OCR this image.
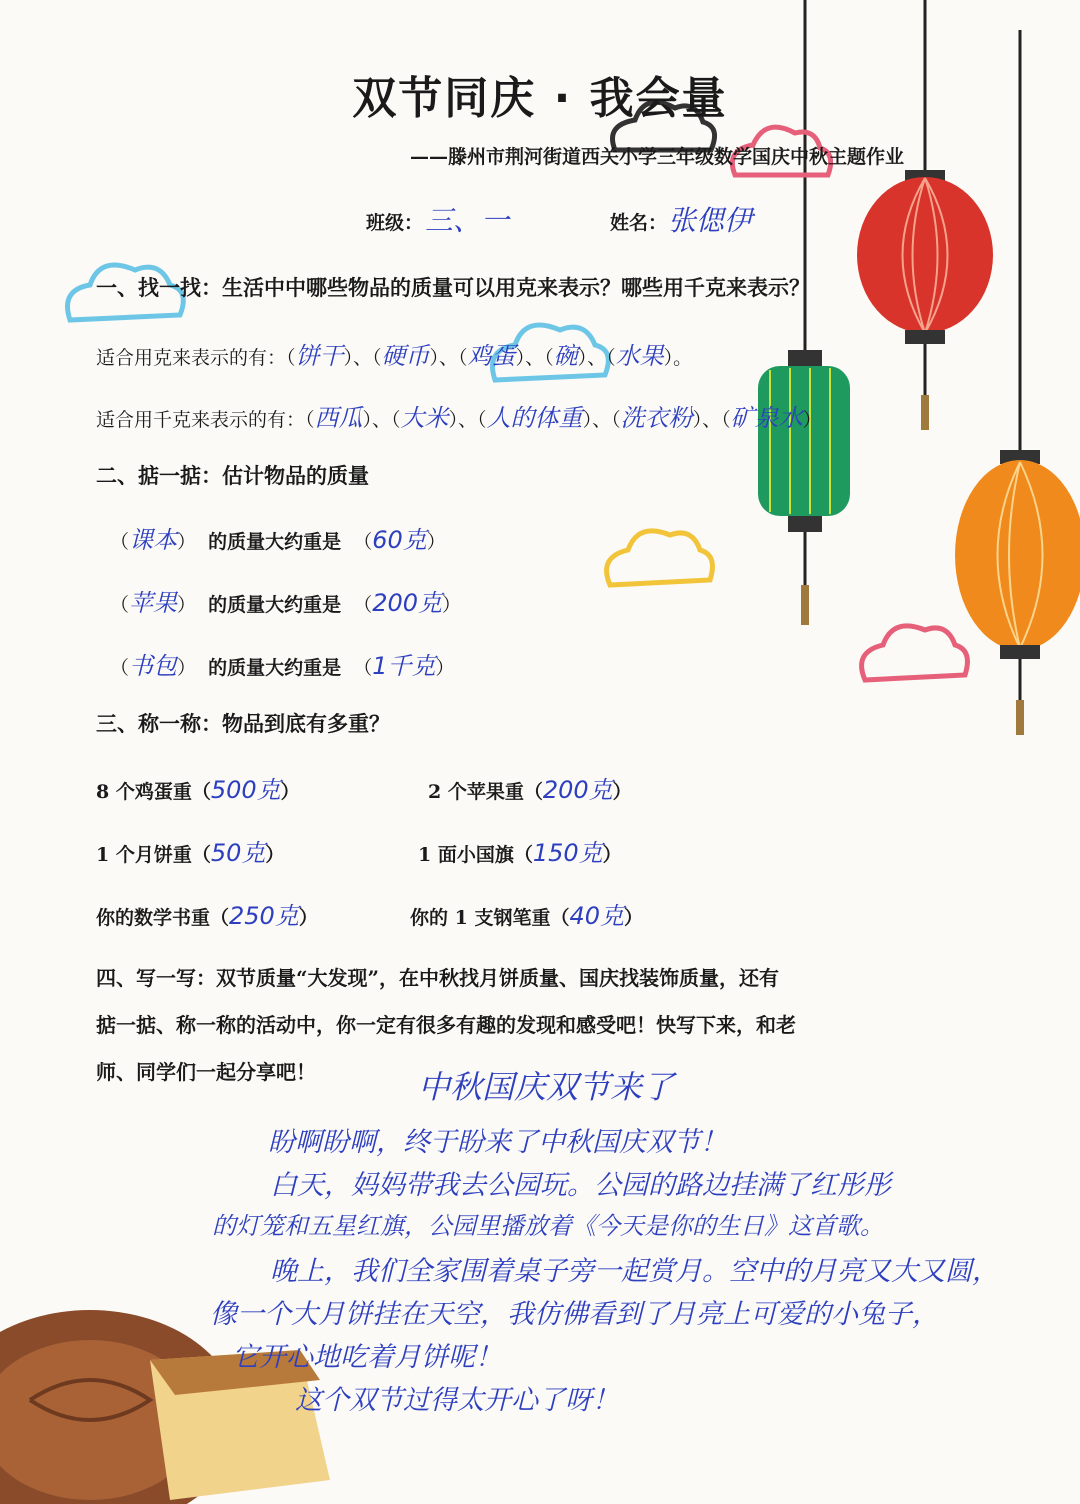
双节同庆 · 我会量
——滕州市荆河街道西关小学三年级数学国庆中秋主题作业
班级： 三、一	姓名： 张偲伊
一、找一找：生活中中哪些物品的质量可以用克来表示？哪些用千克来表示？
适合用克来表示的有：（饼干）、（硬币）、（鸡蛋）、（碗）、（水果）。
适合用千克来表示的有：（西瓜）、（大米）、（人的体重）、（洗衣粉）、（矿泉水）
二、掂一掂：估计物品的质量
（课本）  的质量大约重是  （60克）
（苹果）  的质量大约重是  （200克）
（书包）  的质量大约重是  （1千克）
三、称一称：物品到底有多重？
8 个鸡蛋重（500克）	2 个苹果重（200克）
1 个月饼重（50克）	1 面小国旗（150克）
你的数学书重（250克）	你的 1 支钢笔重（40克）
四、写一写：双节质量“大发现”，在中秋找月饼质量、国庆找装饰质量，还有
掂一掂、称一称的活动中，你一定有很多有趣的发现和感受吧！快写下来，和老
师、同学们一起分享吧！	中秋国庆双节来了
盼啊盼啊，终于盼来了中秋国庆双节！
白天，妈妈带我去公园玩。公园的路边挂满了红彤彤
的灯笼和五星红旗，公园里播放着《今天是你的生日》这首歌。
晚上，我们全家围着桌子旁一起赏月。空中的月亮又大又圆，
像一个大月饼挂在天空，我仿佛看到了月亮上可爱的小兔子，
它开心地吃着月饼呢！
这个双节过得太开心了呀！
